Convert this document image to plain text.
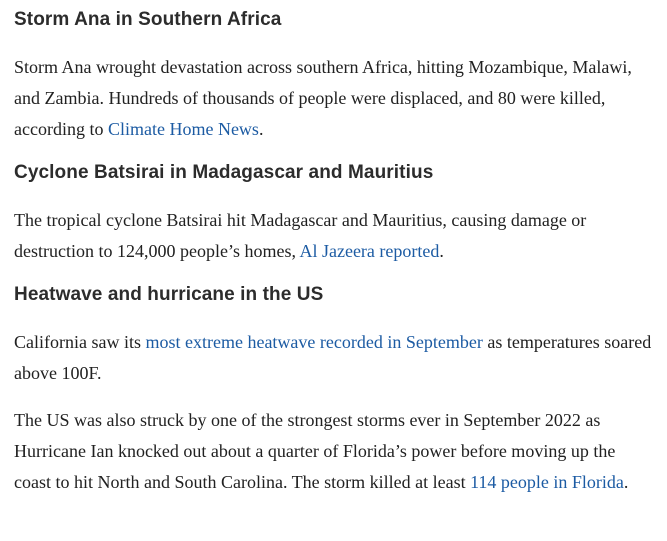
Storm Ana in Southern Africa

Storm Ana wrought devastation across southern Africa, hitting Mozambique, Malawi, and Zambia. Hundreds of thousands of people were displaced, and 80 were killed, according to Climate Home News.

Cyclone Batsirai in Madagascar and Mauritius

The tropical cyclone Batsirai hit Madagascar and Mauritius, causing damage or destruction to 124,000 people’s homes, Al Jazeera reported.

Heatwave and hurricane in the US

California saw its most extreme heatwave recorded in September as temperatures soared above 100F.

The US was also struck by one of the strongest storms ever in September 2022 as Hurricane Ian knocked out about a quarter of Florida’s power before moving up the coast to hit North and South Carolina. The storm killed at least 114 people in Florida.
